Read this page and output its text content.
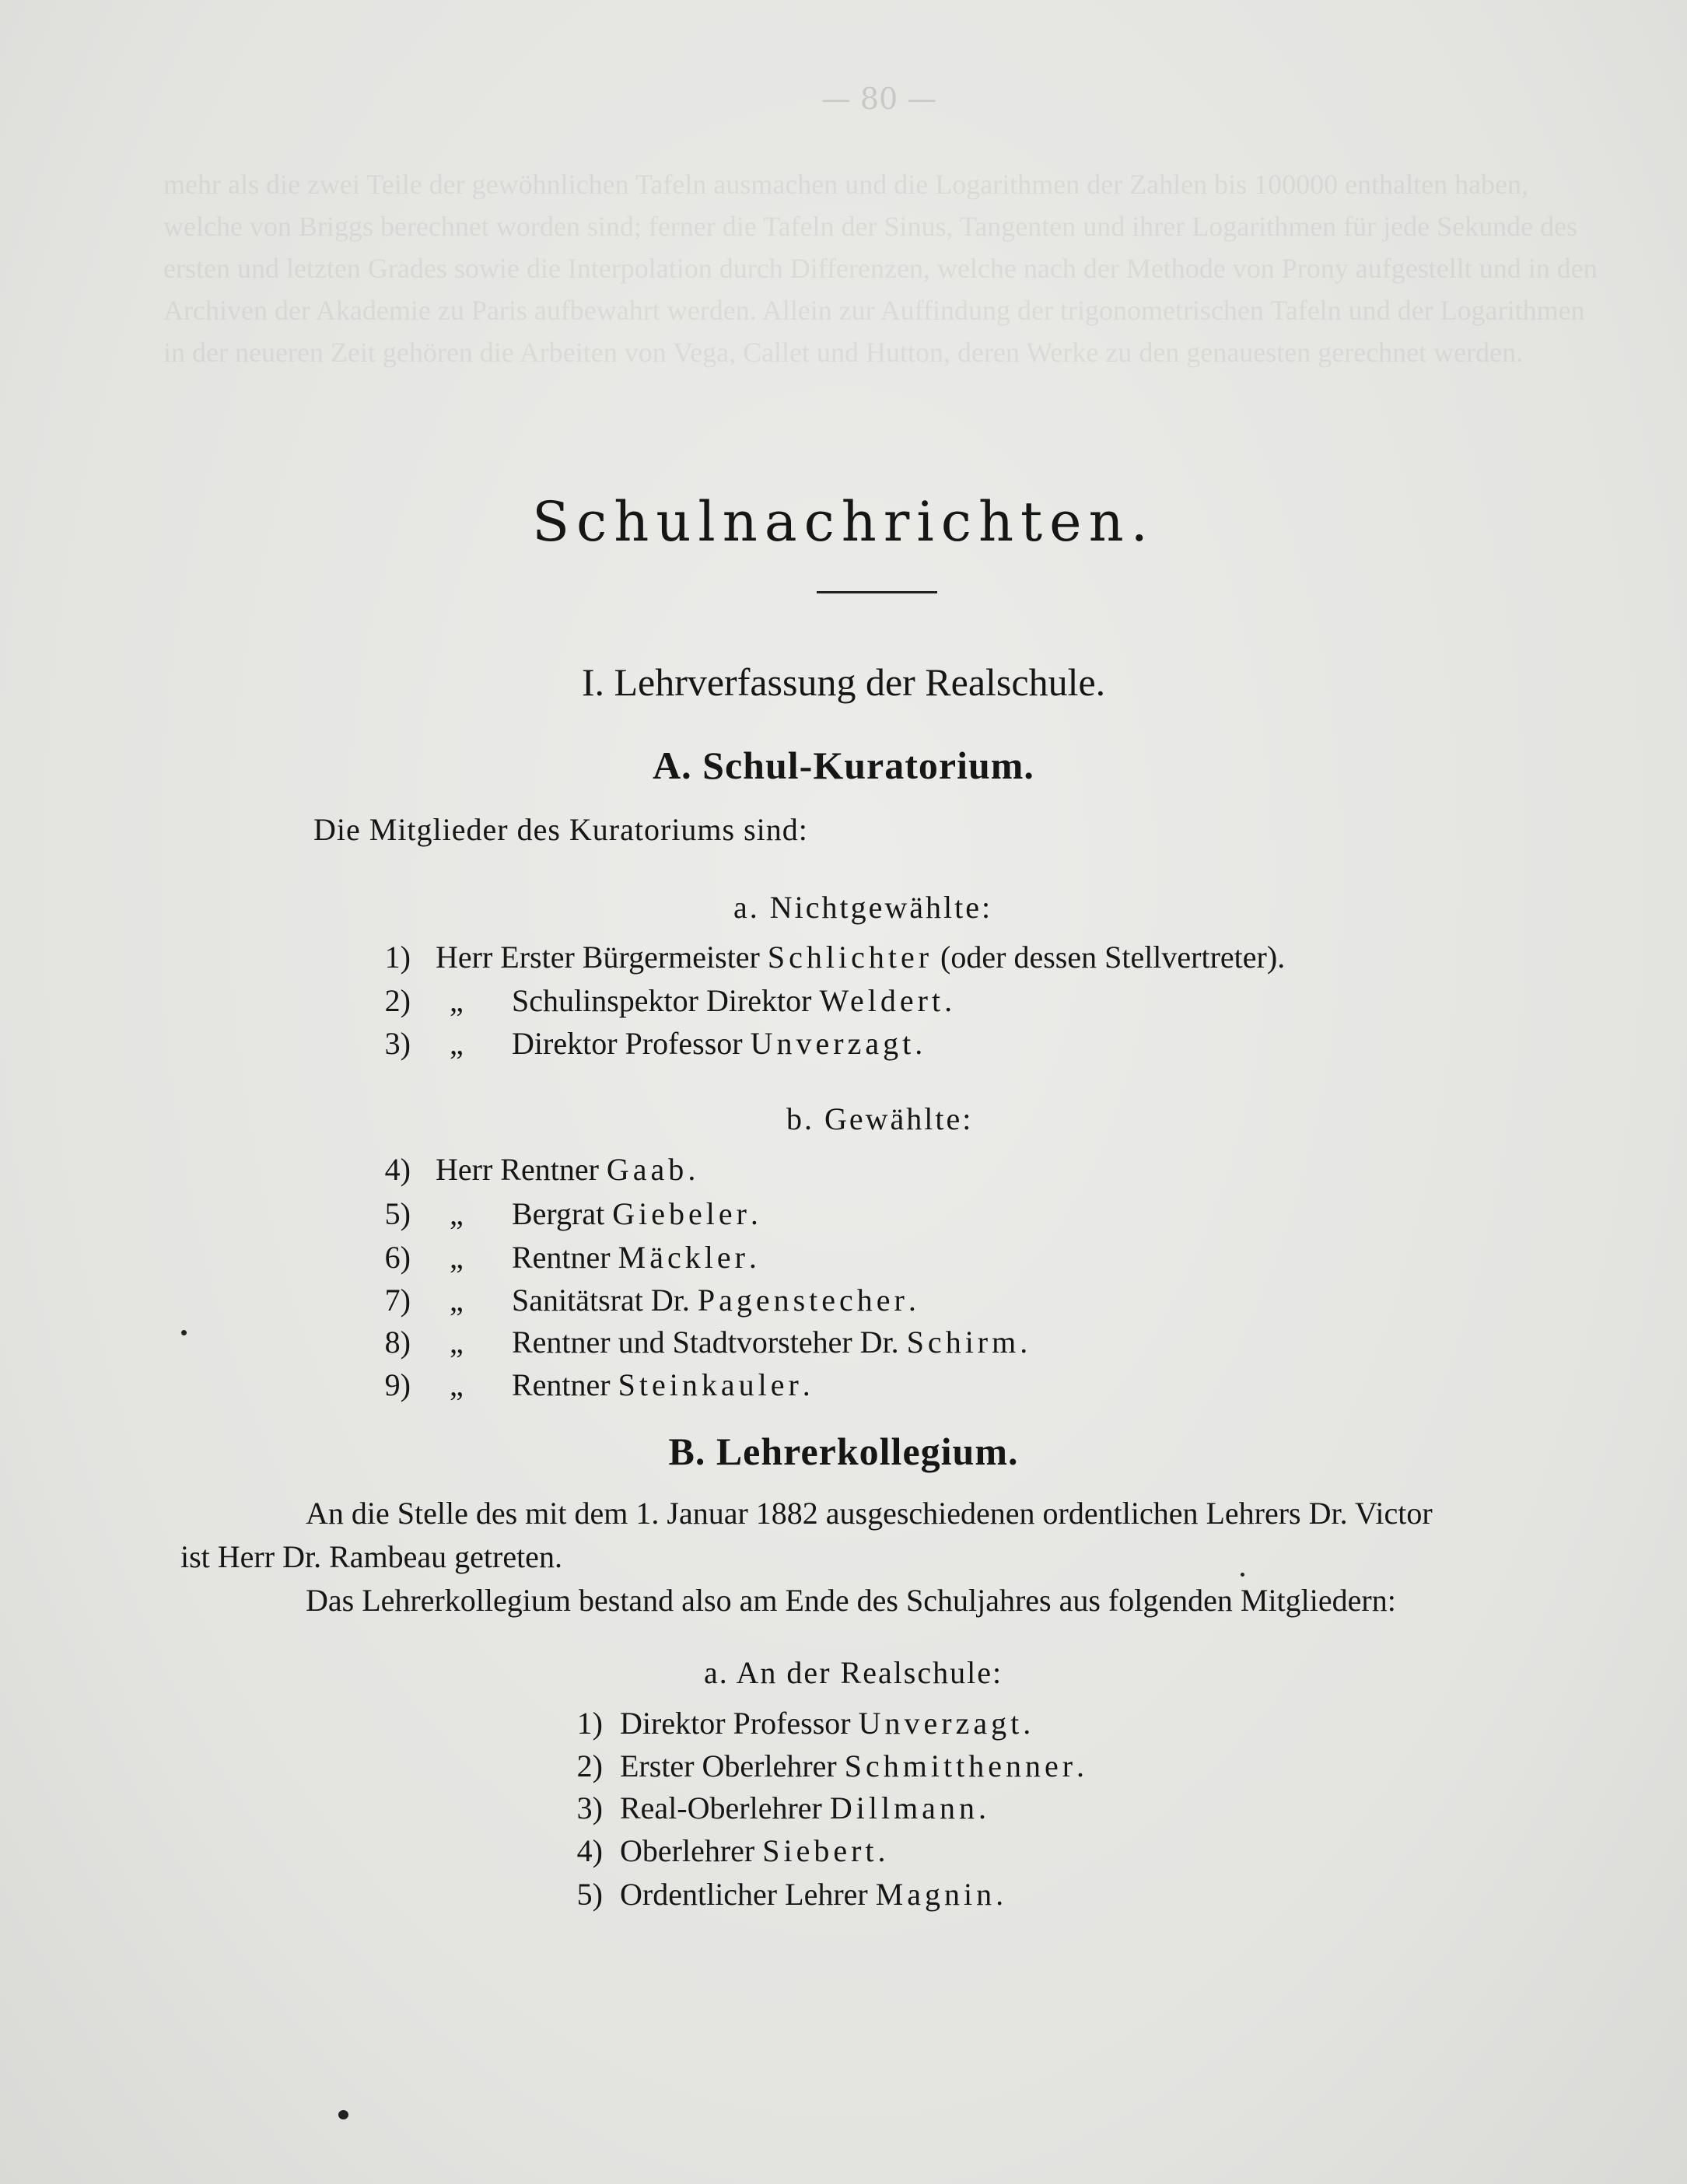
mehr als die zwei Teile der gewöhnlichen Tafeln ausmachen und die Logarithmen der Zahlen bis 100000 enthalten haben, welche von Briggs berechnet worden sind; ferner die Tafeln der Sinus, Tangenten und ihrer Logarithmen für jede Sekunde des ersten und letzten Grades sowie die Interpolation durch Differenzen, welche nach der Methode von Prony aufgestellt und in den Archiven der Akademie zu Paris aufbewahrt werden. Allein zur Auffindung der trigonometrischen Tafeln und der Logarithmen in der neueren Zeit gehören die Arbeiten von Vega, Callet und Hutton, deren Werke zu den genauesten gerechnet werden.
— 80 —
Schulnachrichten.
I. Lehrverfassung der Realschule.
A. Schul-Kuratorium.
Die Mitglieder des Kuratoriums sind:
a. Nichtgewählte:
1) Herr Erster Bürgermeister Schlichter (oder dessen Stellvertreter).
2) „ Schulinspektor Direktor Weldert.
3) „ Direktor Professor Unverzagt.
b. Gewählte:
4) Herr Rentner Gaab.
5) „ Bergrat Giebeler.
6) „ Rentner Mäckler.
7) „ Sanitätsrat Dr. Pagenstecher.
8) „ Rentner und Stadtvorsteher Dr. Schirm.
9) „ Rentner Steinkauler.
B. Lehrerkollegium.
An die Stelle des mit dem 1. Januar 1882 ausgeschiedenen ordentlichen Lehrers Dr. Victor
ist Herr Dr. Rambeau getreten.
Das Lehrerkollegium bestand also am Ende des Schuljahres aus folgenden Mitgliedern:
a. An der Realschule:
1) Direktor Professor Unverzagt.
2) Erster Oberlehrer Schmitthenner.
3) Real-Oberlehrer Dillmann.
4) Oberlehrer Siebert.
5) Ordentlicher Lehrer Magnin.
